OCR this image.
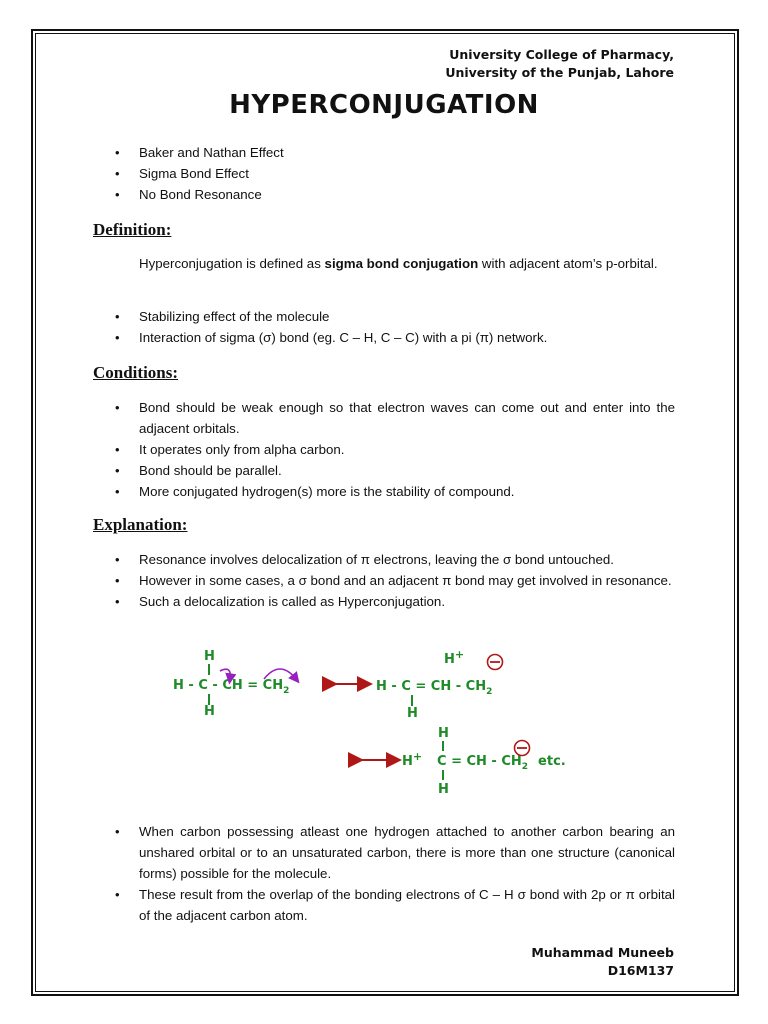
University College of Pharmacy,
University of the Punjab, Lahore
HYPERCONJUGATION
• Baker and Nathan Effect
• Sigma Bond Effect
• No Bond Resonance
Definition:
Hyperconjugation is defined as sigma bond conjugation with adjacent atom’s p-orbital.
• Stabilizing effect of the molecule
• Interaction of sigma (σ) bond (eg. C – H, C – C) with a pi (π) network.
Conditions:
• Bond should be weak enough so that electron waves can come out and enter into the adjacent orbitals.
• It operates only from alpha carbon.
• Bond should be parallel.
• More conjugated hydrogen(s) more is the stability of compound.
Explanation:
• Resonance involves delocalization of π electrons, leaving the σ bond untouched.
• However in some cases, a σ bond and an adjacent π bond may get involved in resonance.
• Such a delocalization is called as Hyperconjugation.
H
H - C - CH = $CH_2$
H
H+
H - C = CH - $CH_2$
H
H
H+ C = CH - $CH_2$ etc.
H
• When carbon possessing atleast one hydrogen attached to another carbon bearing an unshared orbital or to an unsaturated carbon, there is more than one structure (canonical forms) possible for the molecule.
• These result from the overlap of the bonding electrons of C – H σ bond with 2p or π orbital of the adjacent carbon atom.
Muhammad Muneeb
D16M137
